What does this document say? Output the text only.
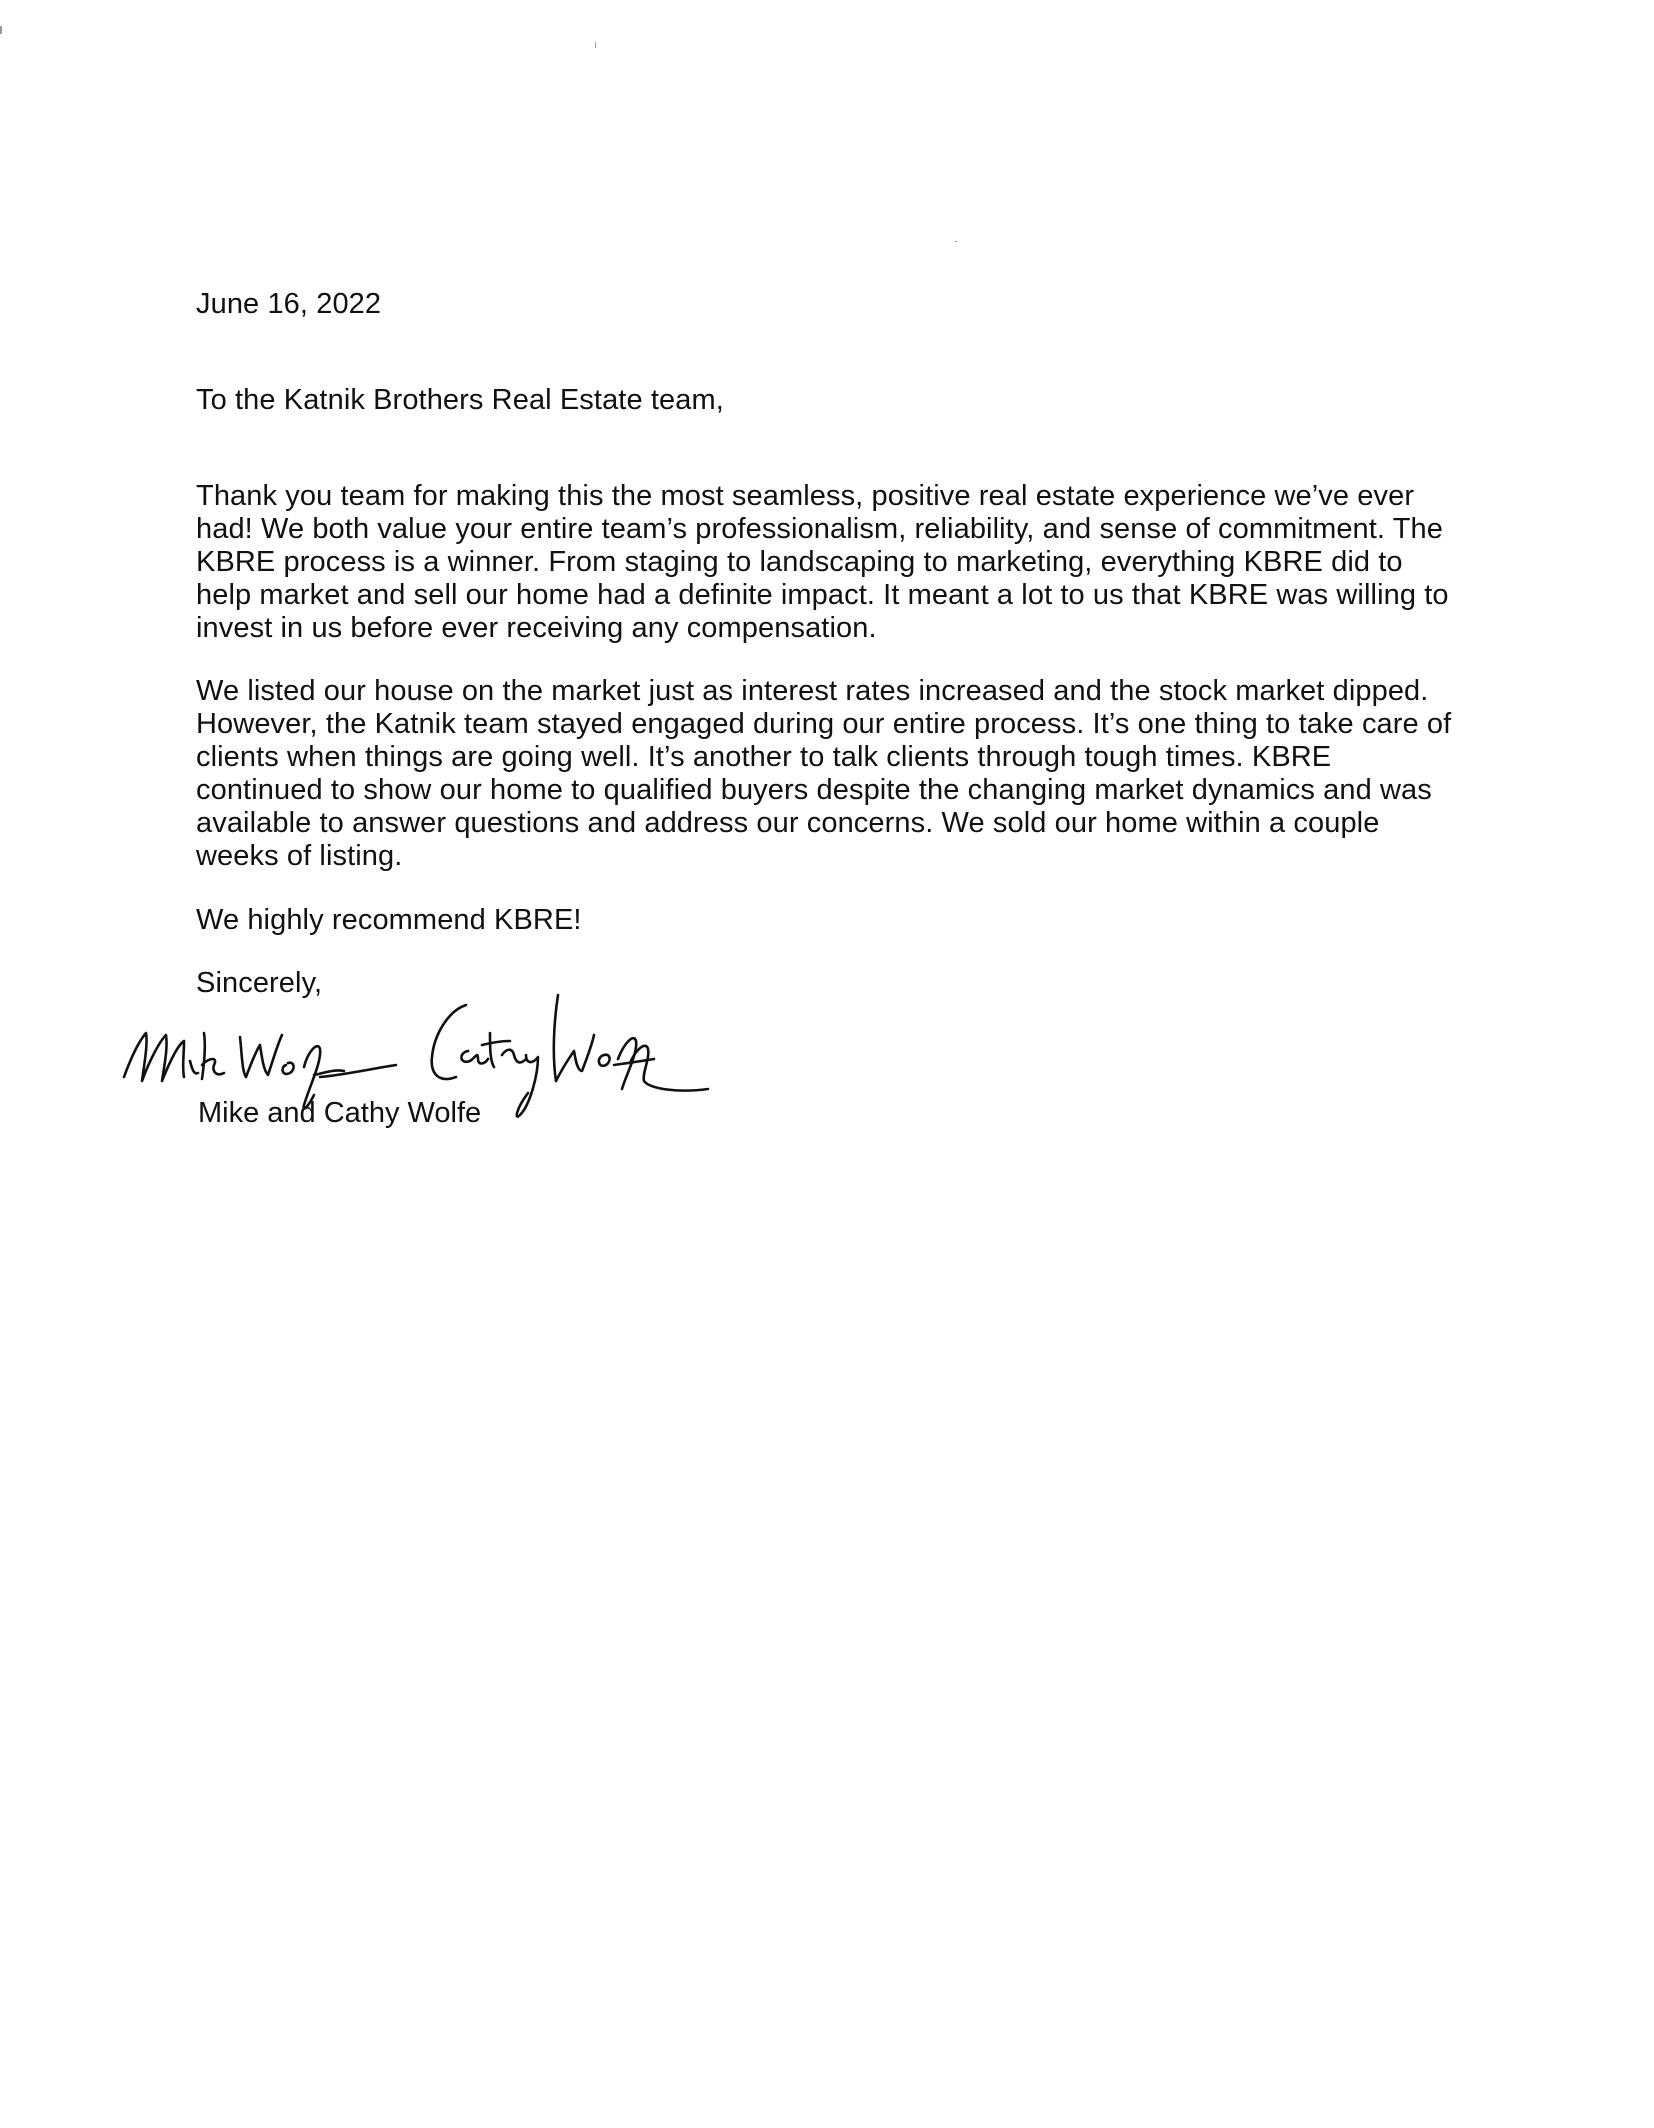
June 16, 2022

To the Katnik Brothers Real Estate team,

Thank you team for making this the most seamless, positive real estate experience we’ve ever had! We both value your entire team’s professionalism, reliability, and sense of commitment. The KBRE process is a winner. From staging to landscaping to marketing, everything KBRE did to help market and sell our home had a definite impact. It meant a lot to us that KBRE was willing to invest in us before ever receiving any compensation.

We listed our house on the market just as interest rates increased and the stock market dipped. However, the Katnik team stayed engaged during our entire process. It’s one thing to take care of clients when things are going well. It’s another to talk clients through tough times. KBRE continued to show our home to qualified buyers despite the changing market dynamics and was available to answer questions and address our concerns. We sold our home within a couple weeks of listing.

We highly recommend KBRE!

Sincerely,

Mike and Cathy Wolfe
